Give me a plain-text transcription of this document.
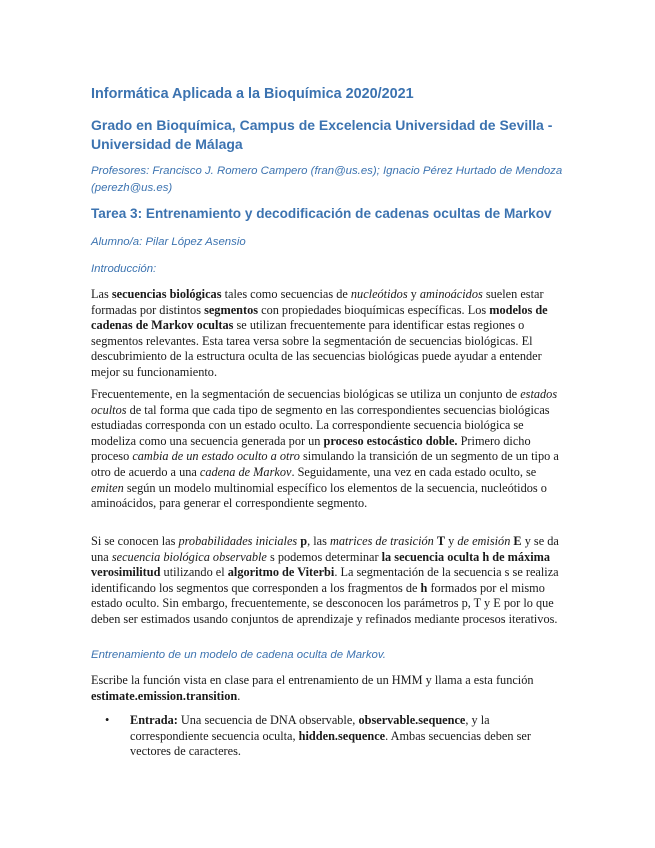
Informática Aplicada a la Bioquímica 2020/2021
Grado en Bioquímica, Campus de Excelencia Universidad de Sevilla - Universidad de Málaga
Profesores: Francisco J. Romero Campero (fran@us.es); Ignacio Pérez Hurtado de Mendoza (perezh@us.es)
Tarea 3: Entrenamiento y decodificación de cadenas ocultas de Markov
Alumno/a: Pilar López Asensio
Introducción:

Las secuencias biológicas tales como secuencias de nucleótidos y aminoácidos suelen estar formadas por distintos segmentos con propiedades bioquímicas específicas. Los modelos de cadenas de Markov ocultas se utilizan frecuentemente para identificar estas regiones o segmentos relevantes. Esta tarea versa sobre la segmentación de secuencias biológicas. El descubrimiento de la estructura oculta de las secuencias biológicas puede ayudar a entender mejor su funcionamiento.

Frecuentemente, en la segmentación de secuencias biológicas se utiliza un conjunto de estados ocultos de tal forma que cada tipo de segmento en las correspondientes secuencias biológicas estudiadas corresponda con un estado oculto. La correspondiente secuencia biológica se modeliza como una secuencia generada por un proceso estocástico doble. Primero dicho proceso cambia de un estado oculto a otro simulando la transición de un segmento de un tipo a otro de acuerdo a una cadena de Markov. Seguidamente, una vez en cada estado oculto, se emiten según un modelo multinomial específico los elementos de la secuencia, nucleótidos o aminoácidos, para generar el correspondiente segmento.

Si se conocen las probabilidades iniciales p, las matrices de trasición T y de emisión E y se da una secuencia biológica observable s podemos determinar la secuencia oculta h de máxima verosimilitud utilizando el algoritmo de Viterbi. La segmentación de la secuencia s se realiza identificando los segmentos que corresponden a los fragmentos de h formados por el mismo estado oculto. Sin embargo, frecuentemente, se desconocen los parámetros p, T y E por lo que deben ser estimados usando conjuntos de aprendizaje y refinados mediante procesos iterativos.

Entrenamiento de un modelo de cadena oculta de Markov.

Escribe la función vista en clase para el entrenamiento de un HMM y llama a esta función estimate.emission.transition.

• Entrada: Una secuencia de DNA observable, observable.sequence, y la correspondiente secuencia oculta, hidden.sequence. Ambas secuencias deben ser vectores de caracteres.
